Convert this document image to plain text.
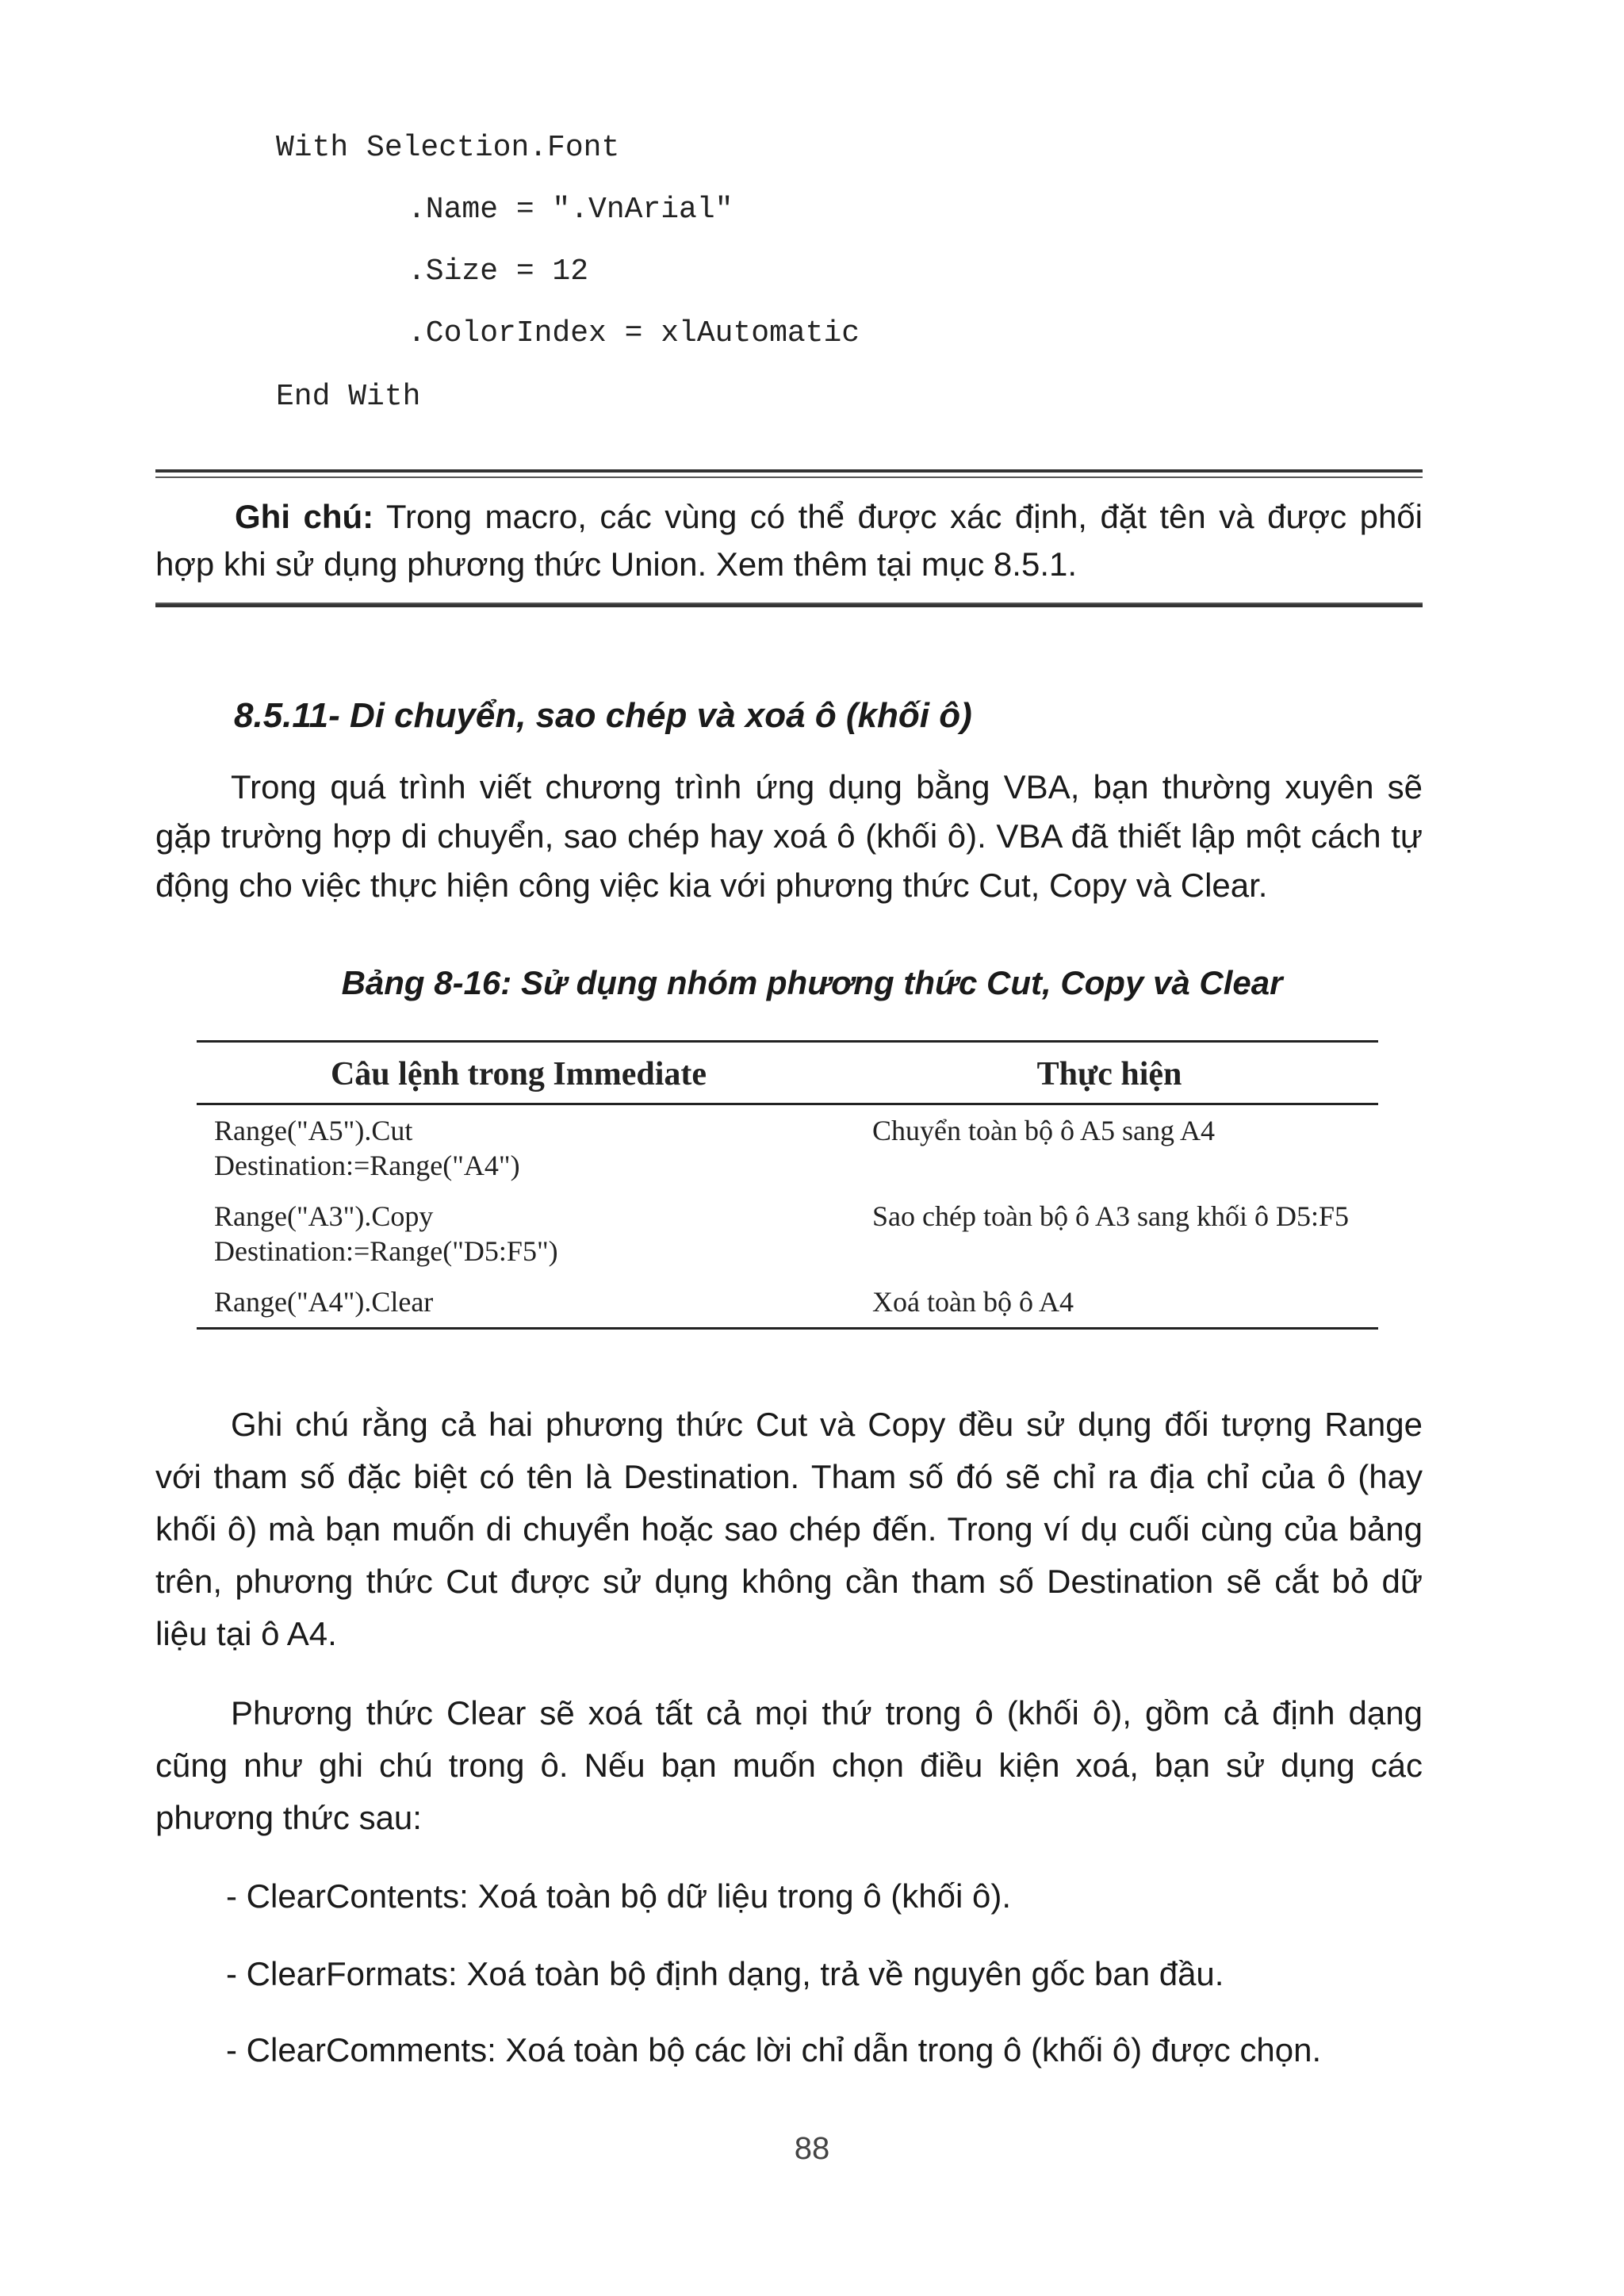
With Selection.Font
.Name = ".VnArial"
.Size = 12
.ColorIndex = xlAutomatic
End With
Ghi chú: Trong macro, các vùng có thể được xác định, đặt tên và được phối hợp khi sử dụng phương thức Union. Xem thêm tại mục 8.5.1.
8.5.11- Di chuyển, sao chép và xoá ô (khối ô)
Trong quá trình viết chương trình ứng dụng bằng VBA, bạn thường xuyên sẽ gặp trường hợp di chuyển, sao chép hay xoá ô (khối ô). VBA đã thiết lập một cách tự động cho việc thực hiện công việc kia với phương thức Cut, Copy và Clear.
Bảng 8-16: Sử dụng nhóm phương thức Cut, Copy và Clear
Câu lệnh trong Immediate	Thực hiện

Range("A5").Cut
Destination:=Range("A4")	Chuyển toàn bộ ô A5 sang A4

Range("A3").Copy
Destination:=Range("D5:F5")	Sao chép toàn bộ ô A3 sang khối ô D5:F5

Range("A4").Clear	Xoá toàn bộ ô A4
Ghi chú rằng cả hai phương thức Cut và Copy đều sử dụng đối tượng Range với tham số đặc biệt có tên là Destination. Tham số đó sẽ chỉ ra địa chỉ của ô (hay khối ô) mà bạn muốn di chuyển hoặc sao chép đến. Trong ví dụ cuối cùng của bảng trên, phương thức Cut được sử dụng không cần tham số Destination sẽ cắt bỏ dữ liệu tại ô A4.
Phương thức Clear sẽ xoá tất cả mọi thứ trong ô (khối ô), gồm cả định dạng cũng như ghi chú trong ô. Nếu bạn muốn chọn điều kiện xoá, bạn sử dụng các phương thức sau:
- ClearContents: Xoá toàn bộ dữ liệu trong ô (khối ô).
- ClearFormats: Xoá toàn bộ định dạng, trả về nguyên gốc ban đầu.
- ClearComments: Xoá toàn bộ các lời chỉ dẫn trong ô (khối ô) được chọn.
88
